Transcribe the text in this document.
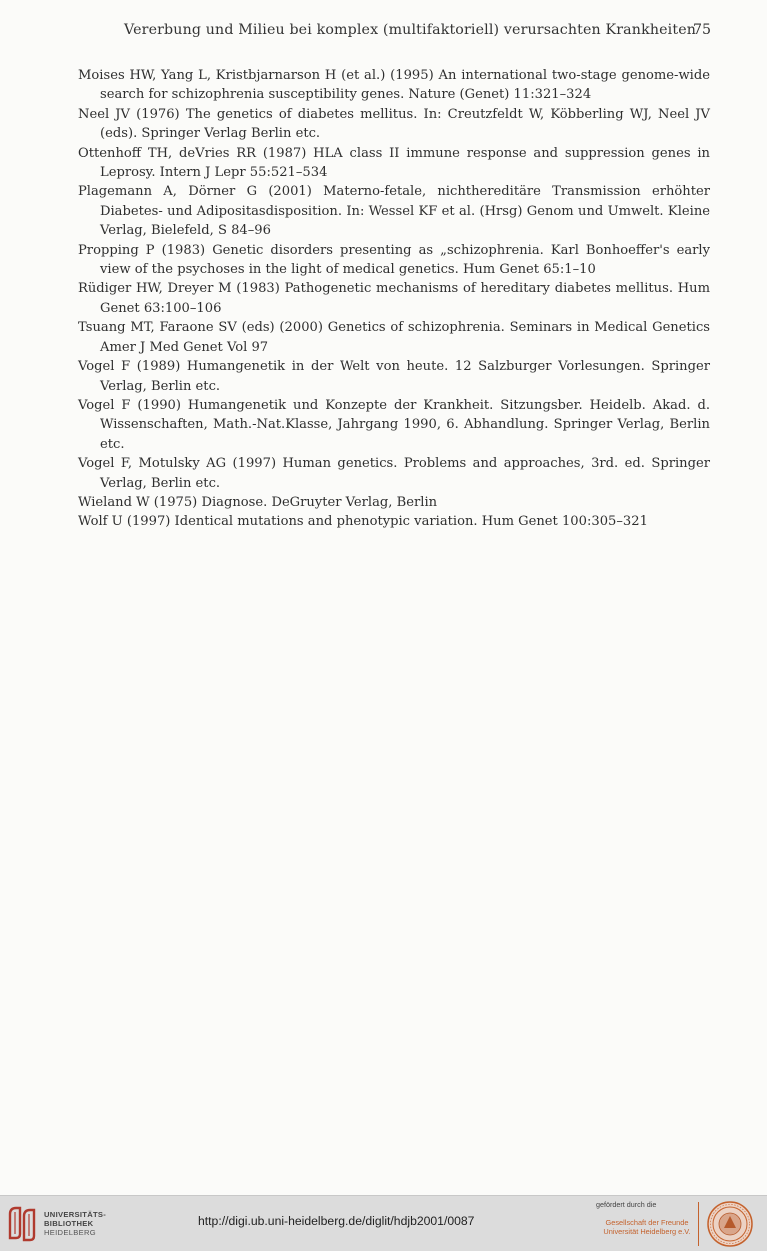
Vererbung und Milieu bei komplex (multifaktoriell) verursachten Krankheiten
75
Moises HW, Yang L, Kristbjarnarson H (et al.) (1995) An international two-stage genome-wide search for schizophrenia susceptibility genes. Nature (Genet) 11:321–324
Neel JV (1976) The genetics of diabetes mellitus. In: Creutzfeldt W, Köbberling WJ, Neel JV (eds). Springer Verlag Berlin etc.
Ottenhoff TH, deVries RR (1987) HLA class II immune response and suppression genes in Leprosy. Intern J Lepr 55:521–534
Plagemann A, Dörner G (2001) Materno-fetale, nichthereditäre Transmission erhöhter Diabetes- und Adipositasdisposition. In: Wessel KF et al. (Hrsg) Genom und Umwelt. Kleine Verlag, Bielefeld, S 84–96
Propping P (1983) Genetic disorders presenting as „schizophrenia. Karl Bonhoeffer's early view of the psychoses in the light of medical genetics. Hum Genet 65:1–10
Rüdiger HW, Dreyer M (1983) Pathogenetic mechanisms of hereditary diabetes mellitus. Hum Genet 63:100–106
Tsuang MT, Faraone SV (eds) (2000) Genetics of schizophrenia. Seminars in Medical Genetics Amer J Med Genet Vol 97
Vogel F (1989) Humangenetik in der Welt von heute. 12 Salzburger Vorlesungen. Springer Verlag, Berlin etc.
Vogel F (1990) Humangenetik und Konzepte der Krankheit. Sitzungsber. Heidelb. Akad. d. Wissenschaften, Math.-Nat.Klasse, Jahrgang 1990, 6. Abhandlung. Springer Verlag, Berlin etc.
Vogel F, Motulsky AG (1997) Human genetics. Problems and approaches, 3rd. ed. Springer Verlag, Berlin etc.
Wieland W (1975) Diagnose. DeGruyter Verlag, Berlin
Wolf U (1997) Identical mutations and phenotypic variation. Hum Genet 100:305–321
UNIVERSITÄTS-
BIBLIOTHEK
HEIDELBERG
http://digi.ub.uni-heidelberg.de/diglit/hdjb2001/0087
gefördert durch die
Gesellschaft der Freunde
Universität Heidelberg e.V.
